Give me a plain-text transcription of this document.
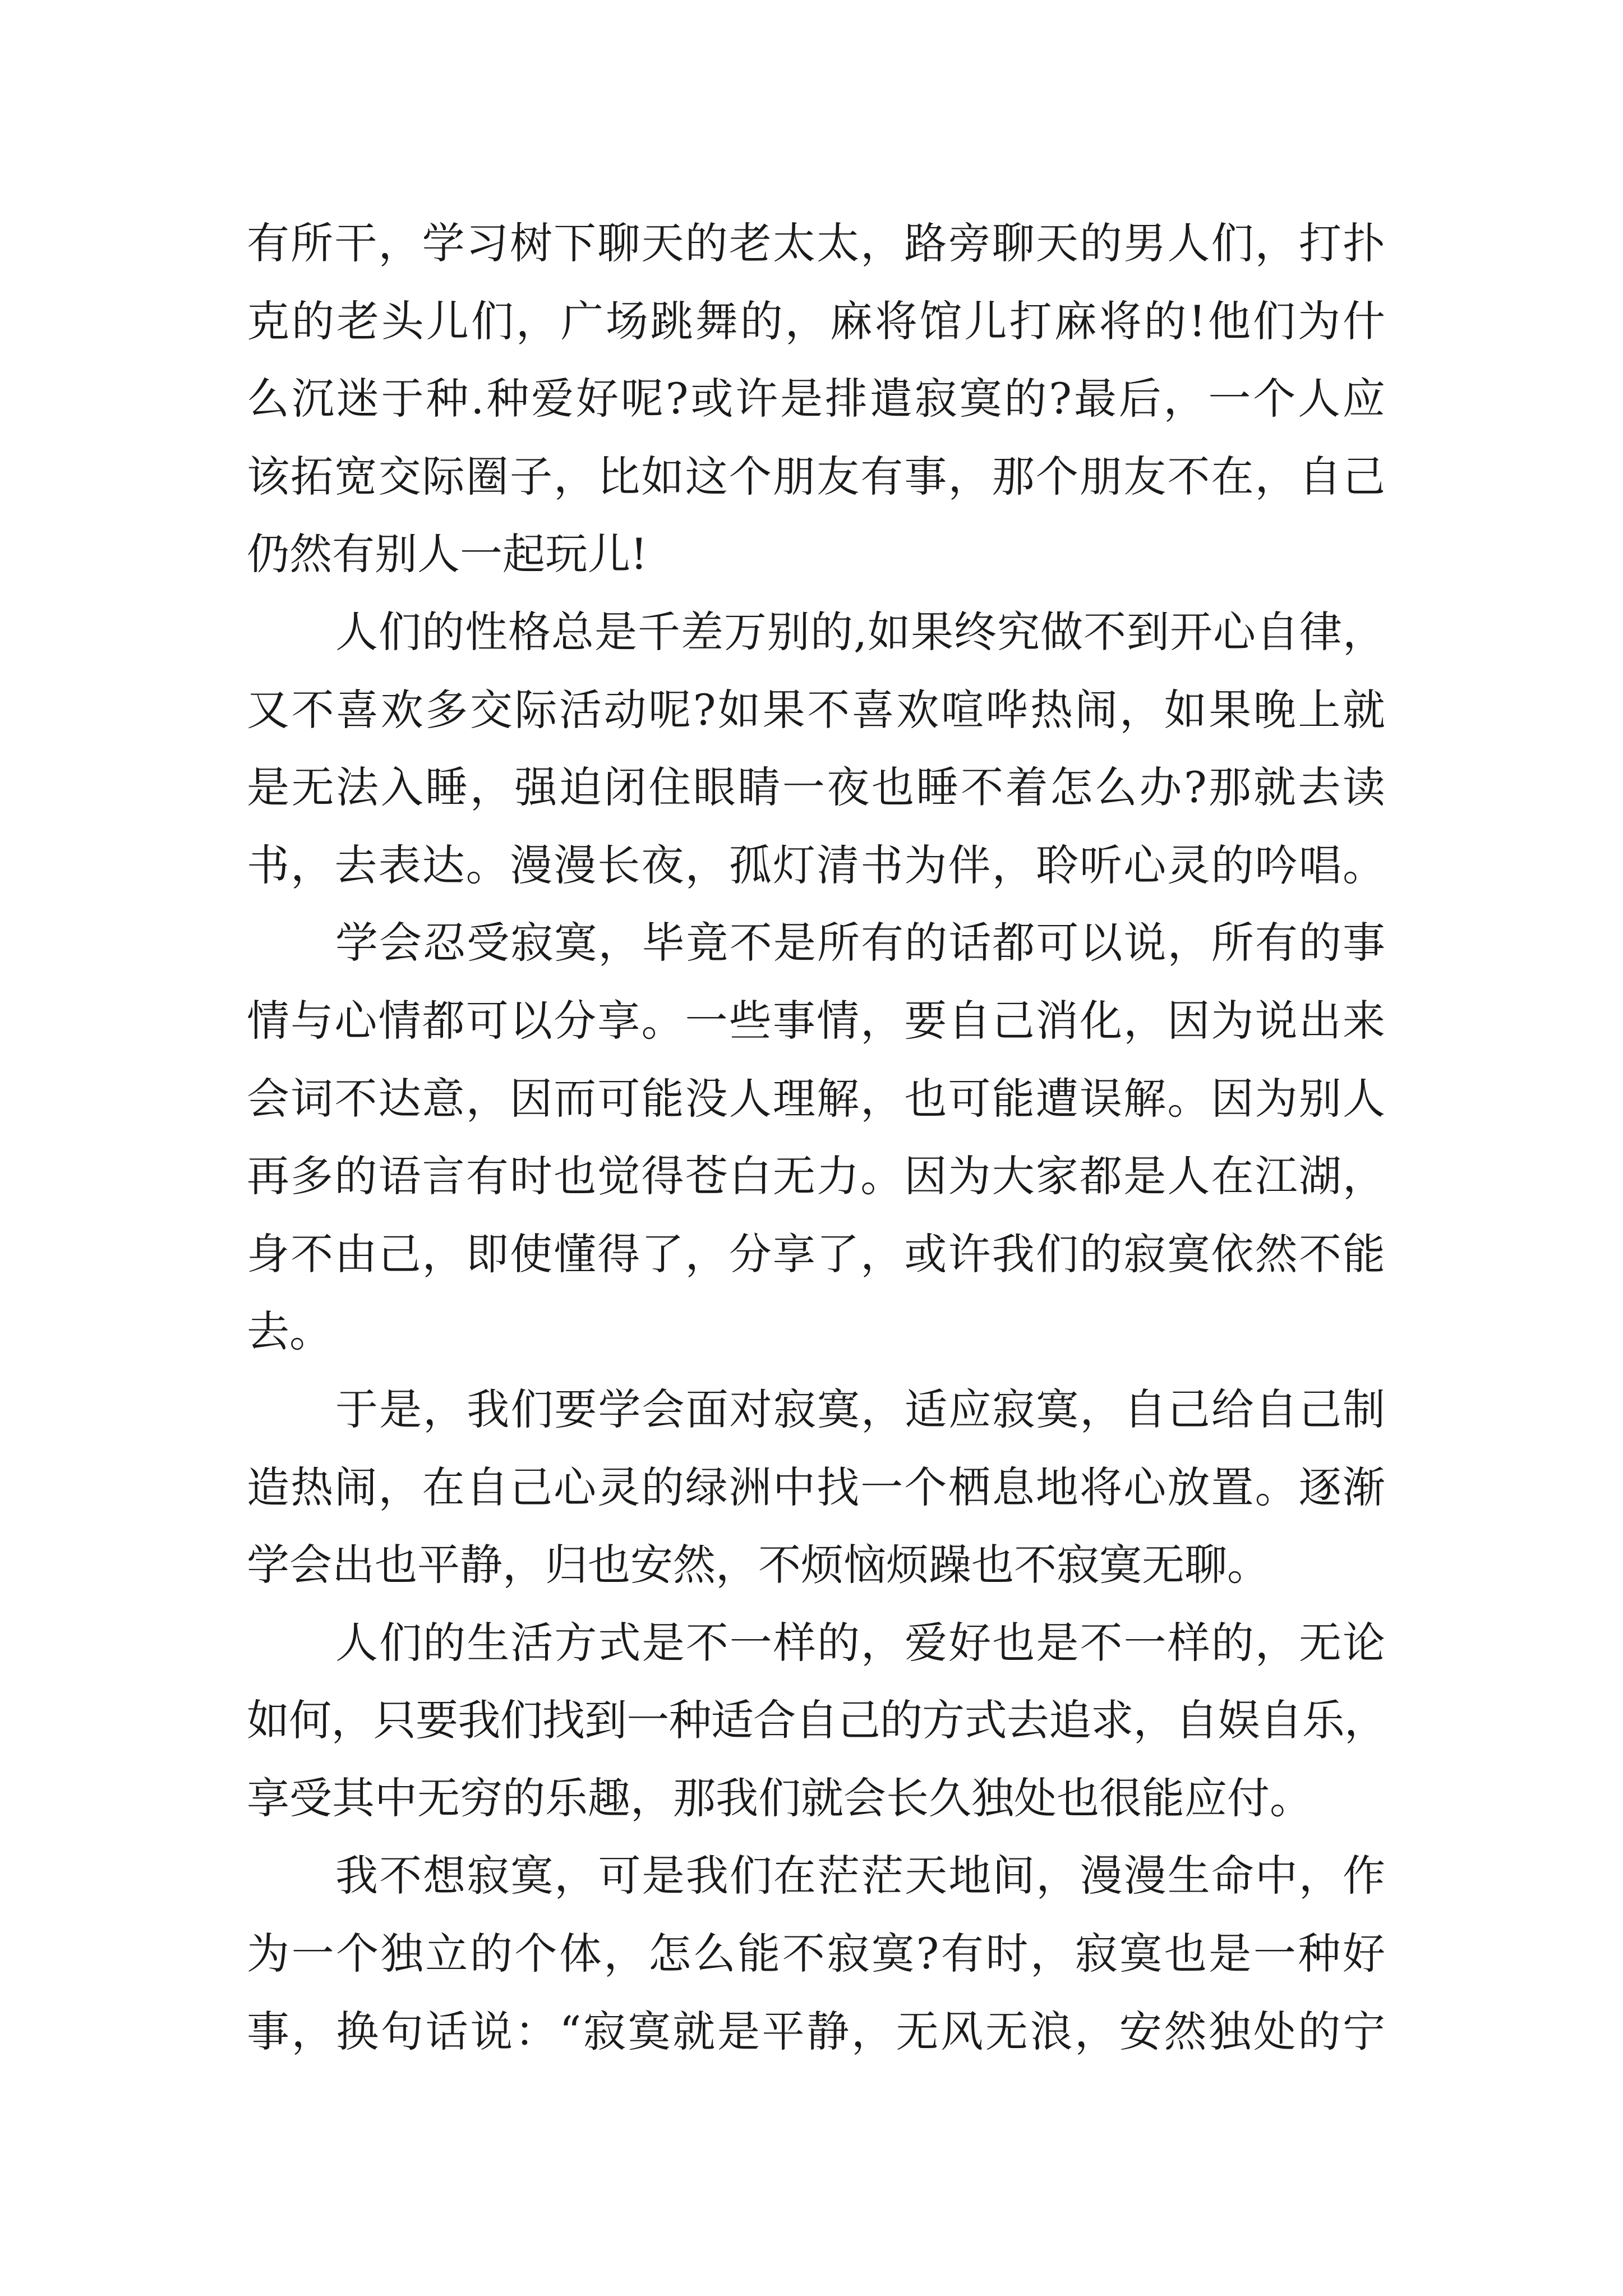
有所干，学习树下聊天的老太太，路旁聊天的男人们，打扑
克的老头儿们，广场跳舞的，麻将馆儿打麻将的!他们为什
么沉迷于种.种爱好呢?或许是排遣寂寞的?最后，一个人应
该拓宽交际圈子，比如这个朋友有事，那个朋友不在，自己
仍然有别人一起玩儿!
人们的性格总是千差万别的,如果终究做不到开心自律，
又不喜欢多交际活动呢?如果不喜欢喧哗热闹，如果晚上就
是无法入睡，强迫闭住眼睛一夜也睡不着怎么办?那就去读
书，去表达。漫漫长夜，孤灯清书为伴，聆听心灵的吟唱。
学会忍受寂寞，毕竟不是所有的话都可以说，所有的事
情与心情都可以分享。一些事情，要自己消化，因为说出来
会词不达意，因而可能没人理解，也可能遭误解。因为别人
再多的语言有时也觉得苍白无力。因为大家都是人在江湖，
身不由己，即使懂得了，分享了，或许我们的寂寞依然不能
去。
于是，我们要学会面对寂寞，适应寂寞，自己给自己制
造热闹，在自己心灵的绿洲中找一个栖息地将心放置。逐渐
学会出也平静，归也安然，不烦恼烦躁也不寂寞无聊。
人们的生活方式是不一样的，爱好也是不一样的，无论
如何，只要我们找到一种适合自己的方式去追求，自娱自乐，
享受其中无穷的乐趣，那我们就会长久独处也很能应付。
我不想寂寞，可是我们在茫茫天地间，漫漫生命中，作
为一个独立的个体，怎么能不寂寞?有时，寂寞也是一种好
事，换句话说：“寂寞就是平静，无风无浪，安然独处的宁
